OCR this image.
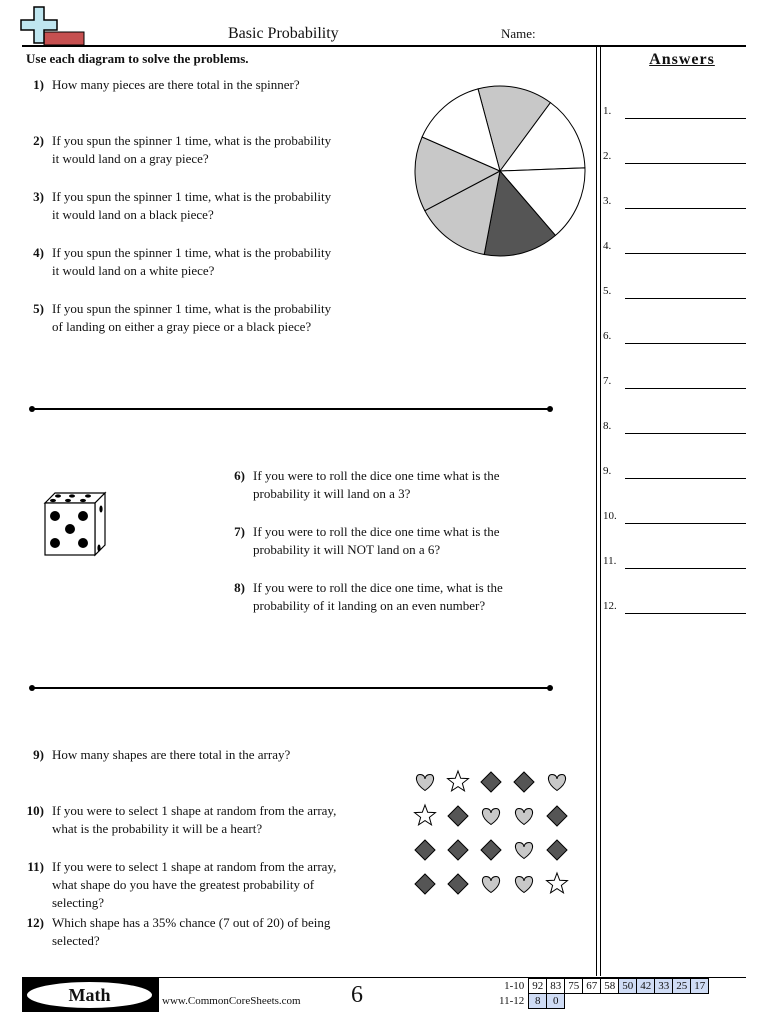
Basic Probability	Name:
Use each diagram to solve the problems.
1) How many pieces are there total in the spinner?
2) If you spun the spinner 1 time, what is the probability
it would land on a gray piece?
3) If you spun the spinner 1 time, what is the probability
it would land on a black piece?
4) If you spun the spinner 1 time, what is the probability
it would land on a white piece?
5) If you spun the spinner 1 time, what is the probability
of landing on either a gray piece or a black piece?
6) If you were to roll the dice one time what is the
probability it will land on a 3?
7) If you were to roll the dice one time what is the
probability it will NOT land on a 6?
8) If you were to roll the dice one time, what is the
probability of it landing on an even number?
9) How many shapes are there total in the array?
10) If you were to select 1 shape at random from the array,
what is the probability it will be a heart?
11) If you were to select 1 shape at random from the array,
what shape do you have the greatest probability of
selecting?
12) Which shape has a 35% chance (7 out of 20) of being
selected?
Answers
1.
2.
3.
4.
5.
6.
7.
8.
9.
10.
11.
12.
Math	www.CommonCoreSheets.com 6	1-10	92	83	75	67	58	50	42	33	25	17
11-12	8	0								
